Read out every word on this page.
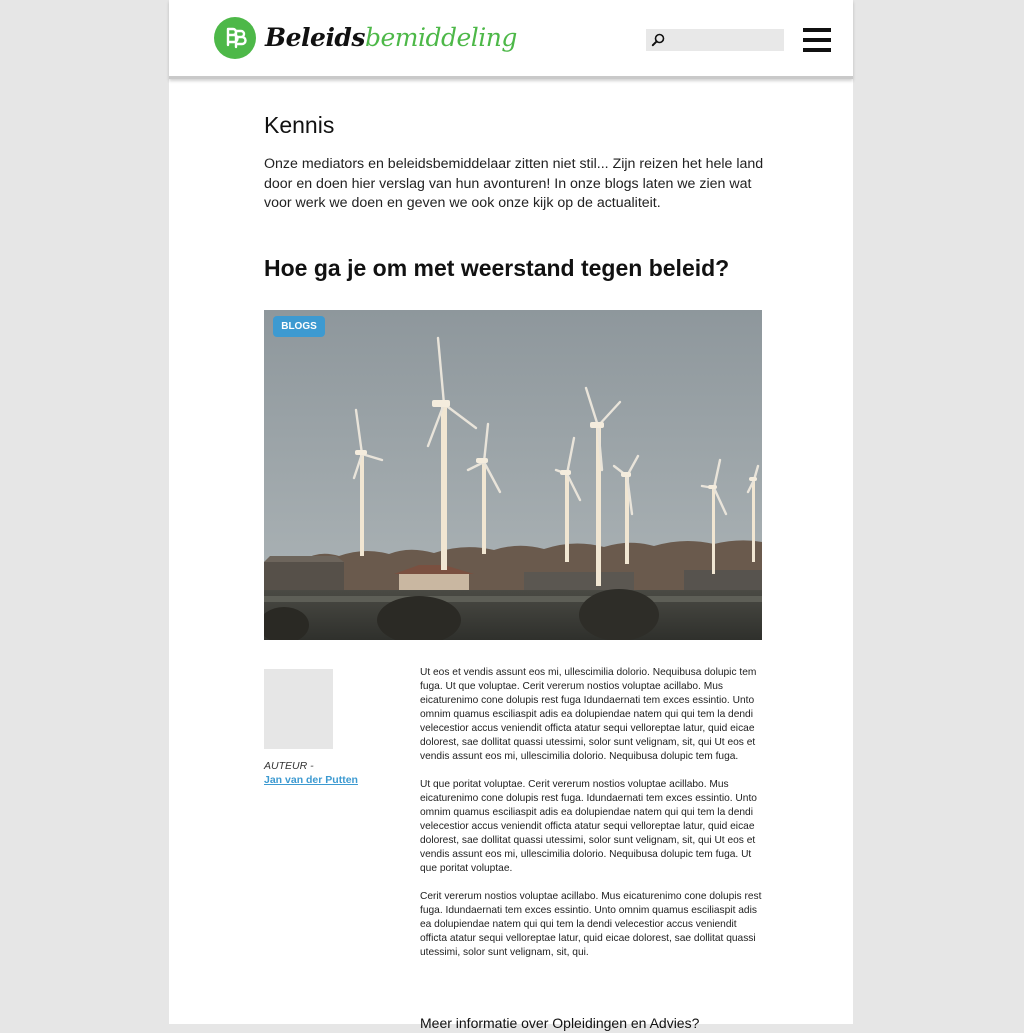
Beleidsbemiddeling
Kennis

Onze mediators en beleidsbemiddelaar zitten niet stil... Zijn reizen het hele land door en doen hier verslag van hun avonturen! In onze blogs laten we zien wat voor werk we doen en geven we ook onze kijk op de actualiteit.

Hoe ga je om met weerstand tegen beleid?
BLOGS
AUTEUR -
Jan van der Putten

Ut eos et vendis assunt eos mi, ullescimilia dolorio. Nequibusa dolupic tem fuga. Ut que voluptae. Cerit vererum nostios voluptae acillabo. Mus eicaturenimo cone dolupis rest fuga Idundaernati tem exces essintio. Unto omnim quamus esciliaspit adis ea dolupiendae natem qui qui tem la dendi velecestior accus veniendit officta atatur sequi velloreptae latur, quid eicae dolorest, sae dollitat quassi utessimi, solor sunt velignam, sit, qui Ut eos et vendis assunt eos mi, ullescimilia dolorio. Nequibusa dolupic tem fuga.

Ut que poritat voluptae. Cerit vererum nostios voluptae acillabo. Mus eicaturenimo cone dolupis rest fuga. Idundaernati tem exces essintio. Unto omnim quamus esciliaspit adis ea dolupiendae natem qui qui tem la dendi velecestior accus veniendit officta atatur sequi velloreptae latur, quid eicae dolorest, sae dollitat quassi utessimi, solor sunt velignam, sit, qui Ut eos et vendis assunt eos mi, ullescimilia dolorio. Nequibusa dolupic tem fuga. Ut que poritat voluptae.

Cerit vererum nostios voluptae acillabo. Mus eicaturenimo cone dolupis rest fuga. Idundaernati tem exces essintio. Unto omnim quamus esciliaspit adis ea dolupiendae natem qui qui tem la dendi velecestior accus veniendit officta atatur sequi velloreptae latur, quid eicae dolorest, sae dollitat quassi utessimi, solor sunt velignam, sit, qui.

Meer informatie over Opleidingen en Advies?
